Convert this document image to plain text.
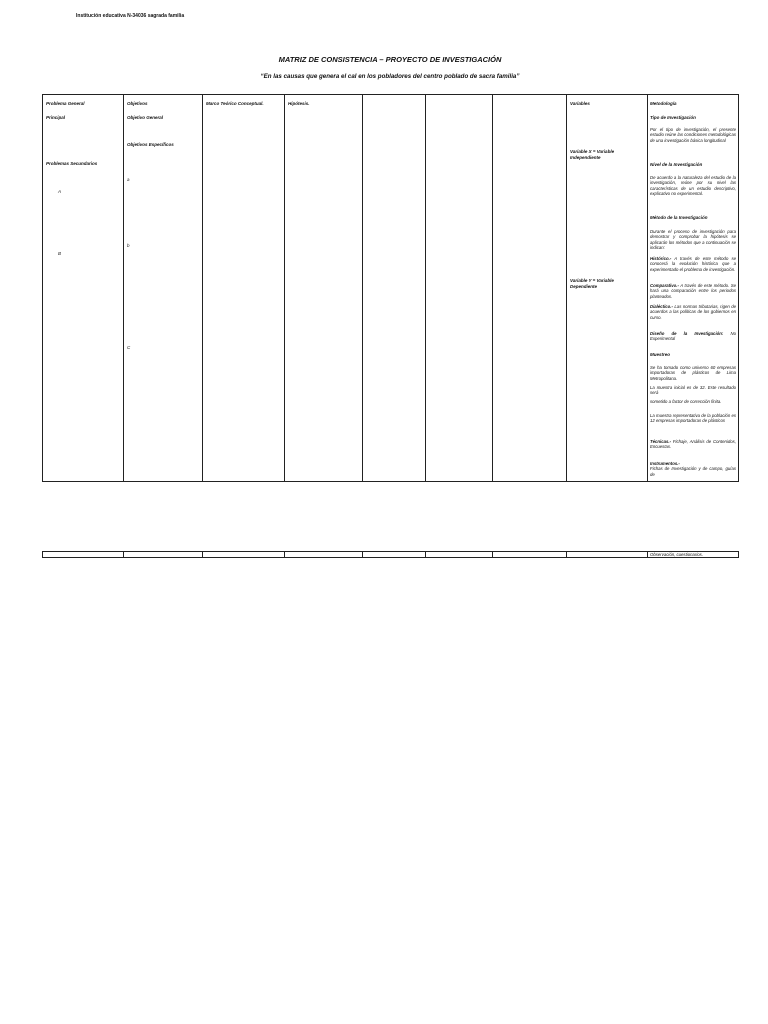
Institución educativa N-34036 sagrada familia
MATRIZ DE CONSISTENCIA – PROYECTO DE INVESTIGACIÓN
“En las causas que genera el cal en los pobladores del centro poblado de sacra familia”
Problema General
Principal
Problemas Secundarios
A
B
Objetivos
Objetivo General
Objetivos Específicos
a
b
C
Marco Teórico Conceptual.	Hipótesis.	Variables
Variable X = Variable Independiente
Variable Y = Variable Dependiente
Metodología
Tipo de Investigación
Por el tipo de investigación, el presente estudio reúne las condiciones metodológicas de una investigación básica longitudinal
Nivel de la Investigación
De acuerdo a la naturaleza del estudio de la investigación, reúne por su nivel las características de un estudio descriptivo, explicativo no experimental.
Método de la Investigación
Durante el proceso de investigación para demostrar y comprobar la hipótesis se aplicarán los métodos que a continuación se indican:
Histórico.- A través de este método se conocerá la evolución histórica que a experimentado el problema de investigación.
Comparativo.- A través de este método. Se hará una comparación entre los periodos planteados.
Dialéctico.- Las normas tributarias, rigen de acuerdos a las políticas de los gobiernos en curso.
Diseño de la Investigación: No Experimental
Muestreo
Se ha tomado como universo 60 empresas importadoras de plásticos de Lima Metropolitana.
La muestra inicial es de 32. Este resultado será
sometido a factor de corrección finita.
La muestra representativa de la población es 12 empresas importadoras de plásticos
Técnicas.- Fichaje, Análisis de Contenidos, Encuestas.
Instrumentos.-
Fichas de Investigación y de campo, guías de
Observación, cuestionarios.
